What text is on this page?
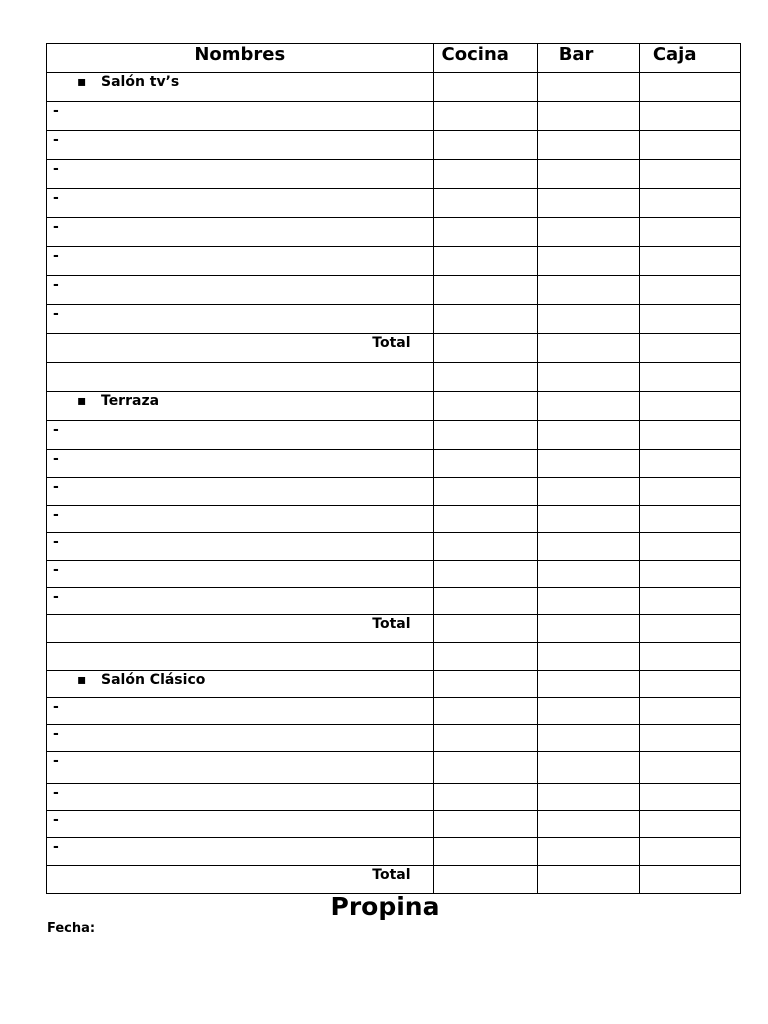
Nombres	Cocina	Bar	Caja
▪ Salón tv’s			
-			
-			
-			
-			
-			
-			
-			
-			
Total			

▪ Terraza			
-			
-			
-			
-			
-			
-			
-			
Total			

▪ Salón Clásico			
-			
-			
-			
-			
-			
-			
Total			
Propina
Fecha:
